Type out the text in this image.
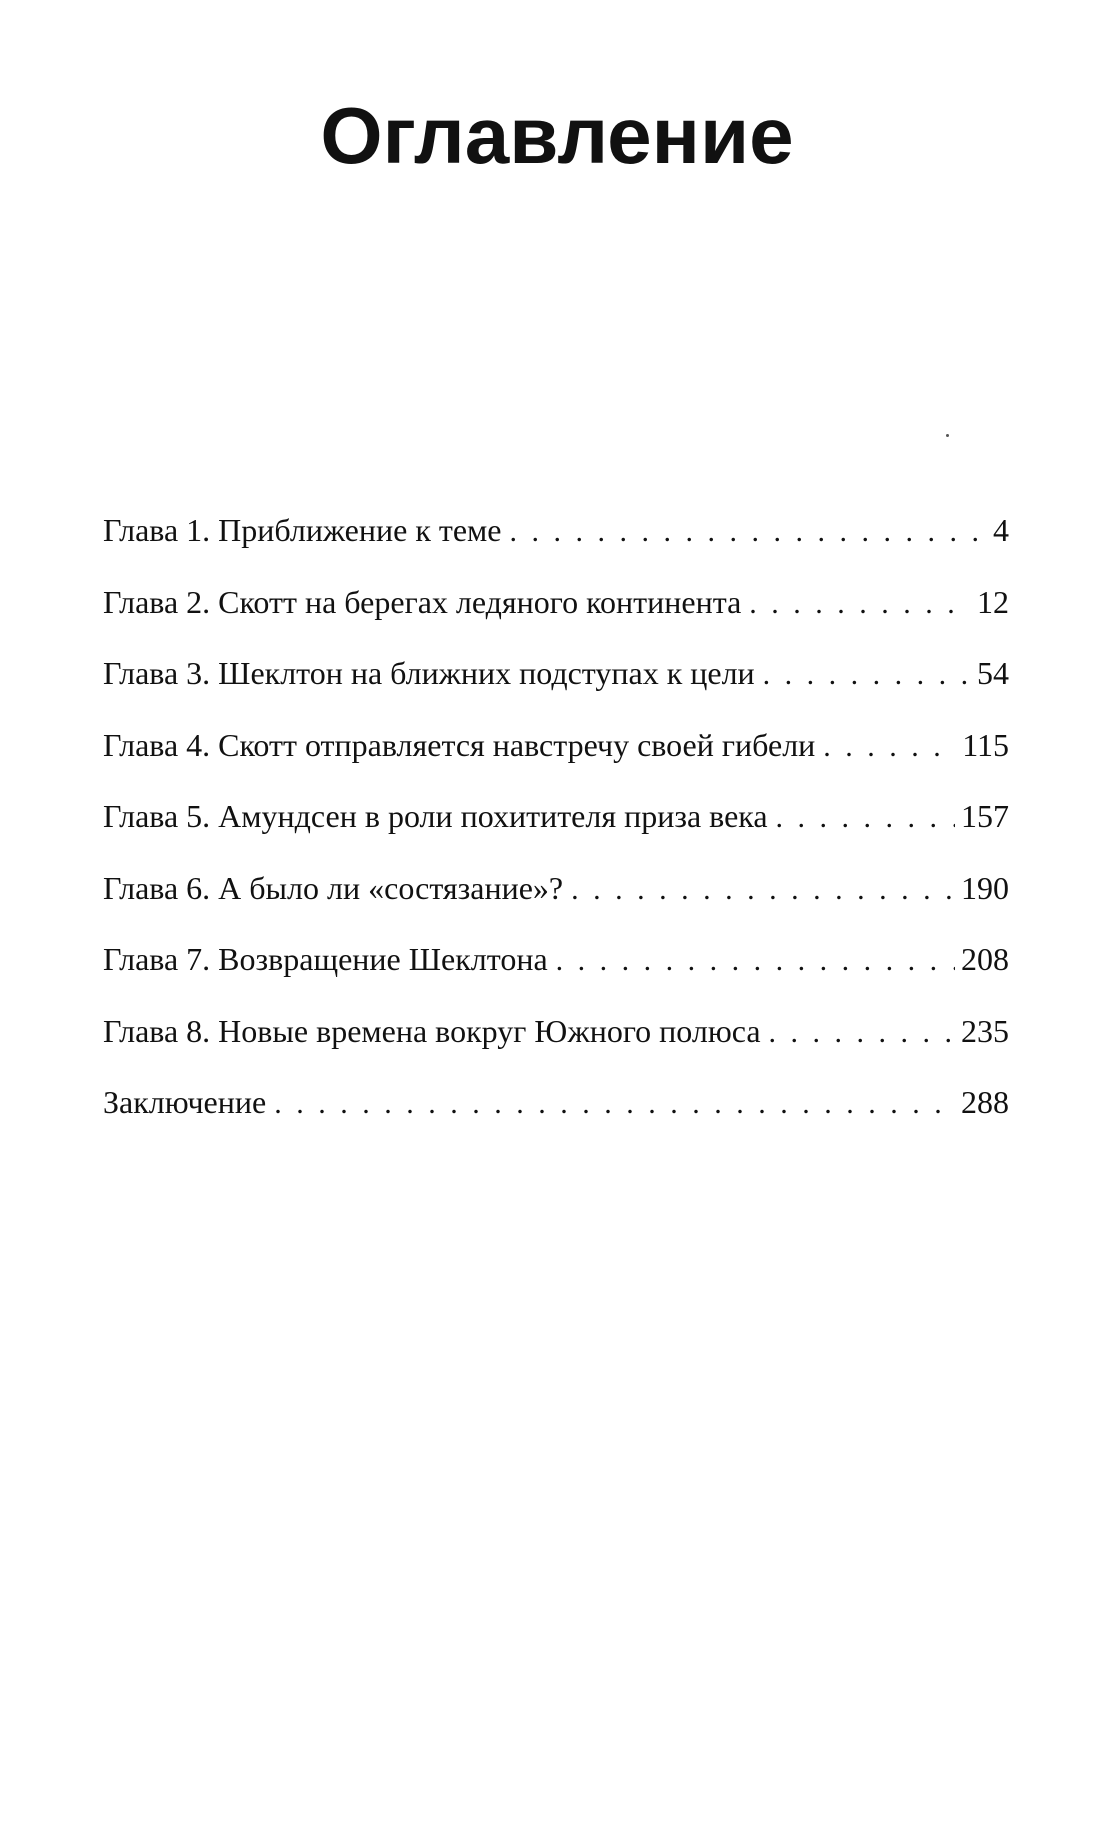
Оглавление
Глава 1. Приближение к теме . . .	4
Глава 2. Скотт на берегах ледяного континента . . .	12
Глава 3. Шеклтон на ближних подступах к цели . . .	54
Глава 4. Скотт отправляется навстречу своей гибели . . .	115
Глава 5. Амундсен в роли похитителя приза века . . .	157
Глава 6. А было ли «состязание»? . . .	190
Глава 7. Возвращение Шеклтона . . .	208
Глава 8. Новые времена вокруг Южного полюса . . .	235
Заключение . . .	288
